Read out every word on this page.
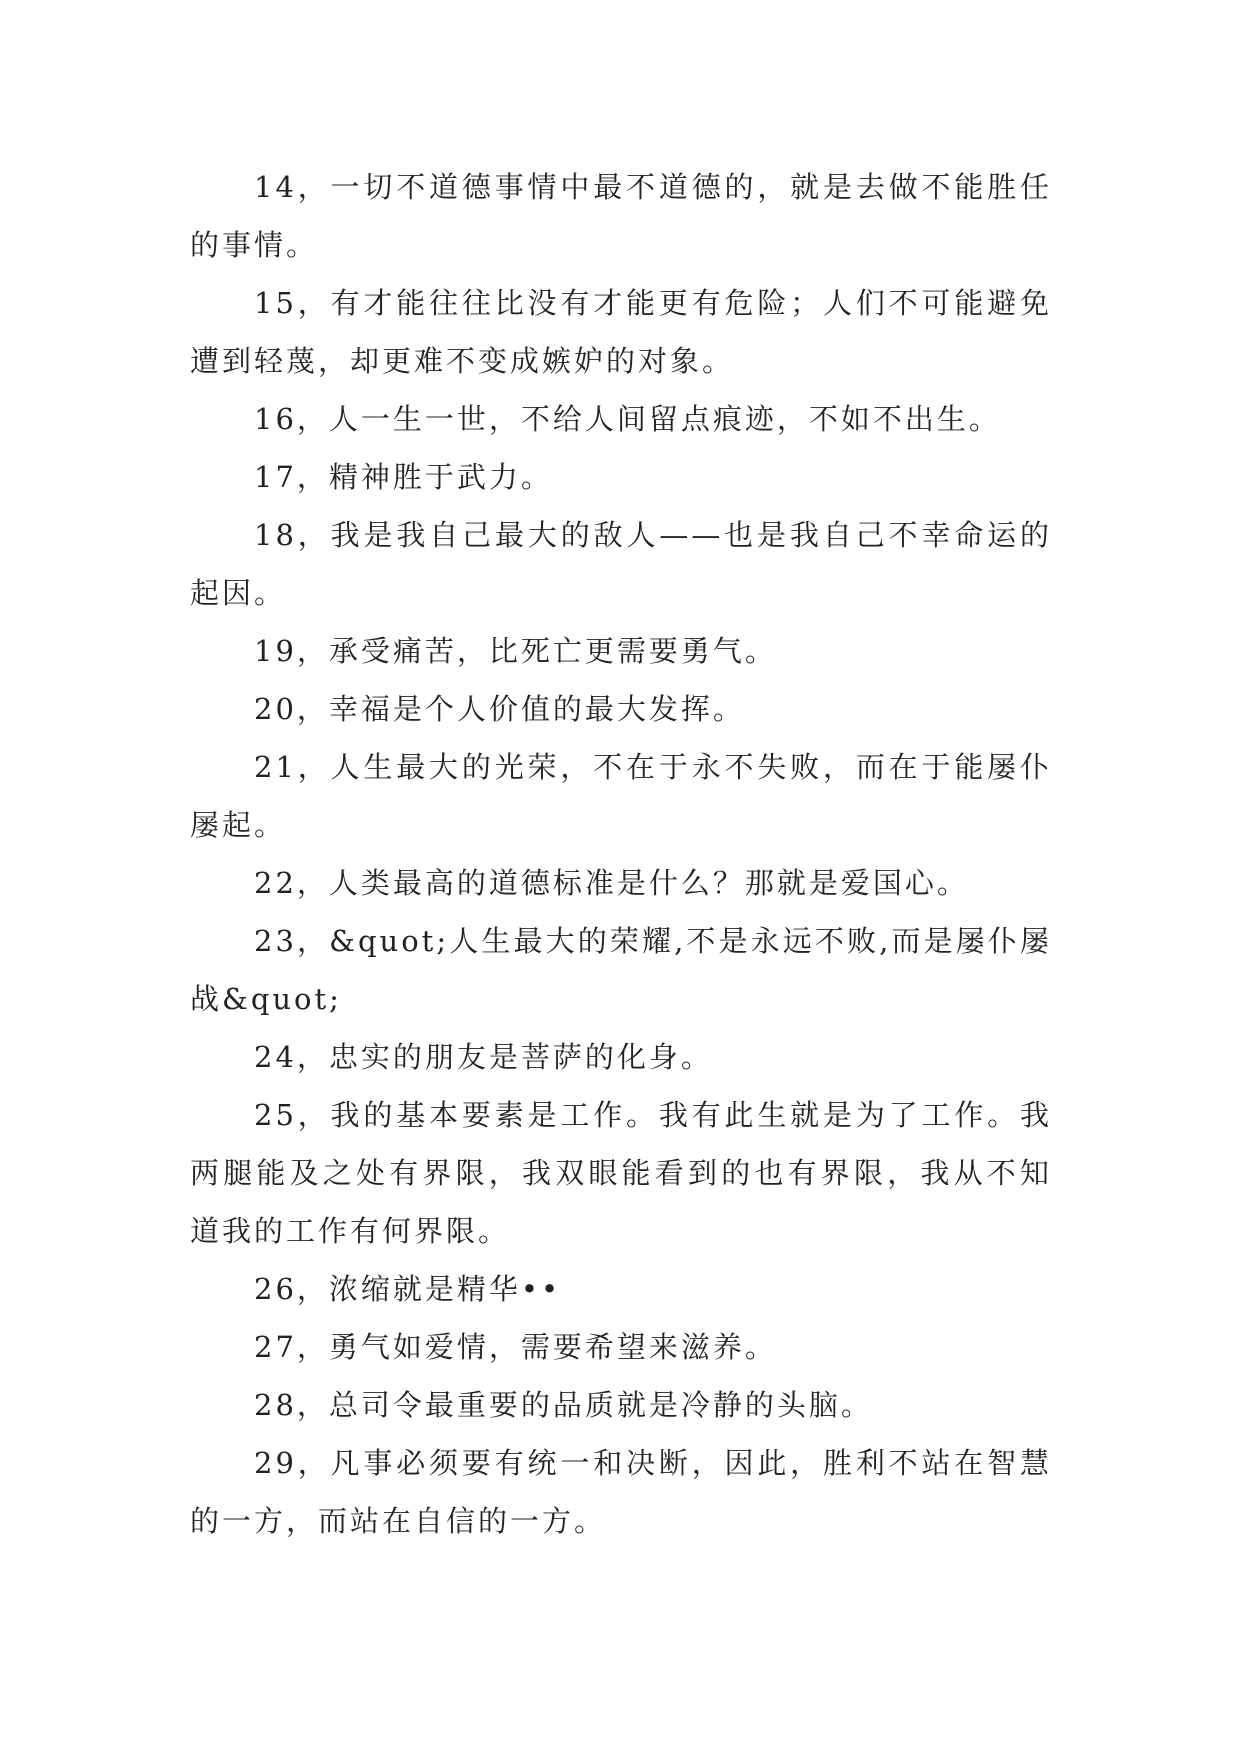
14，一切不道德事情中最不道德的，就是去做不能胜任的事情。

15，有才能往往比没有才能更有危险；人们不可能避免遭到轻蔑，却更难不变成嫉妒的对象。

16，人一生一世，不给人间留点痕迹，不如不出生。

17，精神胜于武力。

18，我是我自己最大的敌人——也是我自己不幸命运的起因。

19，承受痛苦，比死亡更需要勇气。

20，幸福是个人价值的最大发挥。

21，人生最大的光荣，不在于永不失败，而在于能屡仆屡起。

22，人类最高的道德标准是什么？那就是爱国心。

23，&quot;人生最大的荣耀,不是永远不败,而是屡仆屡战&quot;

24，忠实的朋友是菩萨的化身。

25，我的基本要素是工作。我有此生就是为了工作。我两腿能及之处有界限，我双眼能看到的也有界限，我从不知道我的工作有何界限。

26，浓缩就是精华••

27，勇气如爱情，需要希望来滋养。

28，总司令最重要的品质就是冷静的头脑。

29，凡事必须要有统一和决断，因此，胜利不站在智慧的一方，而站在自信的一方。
